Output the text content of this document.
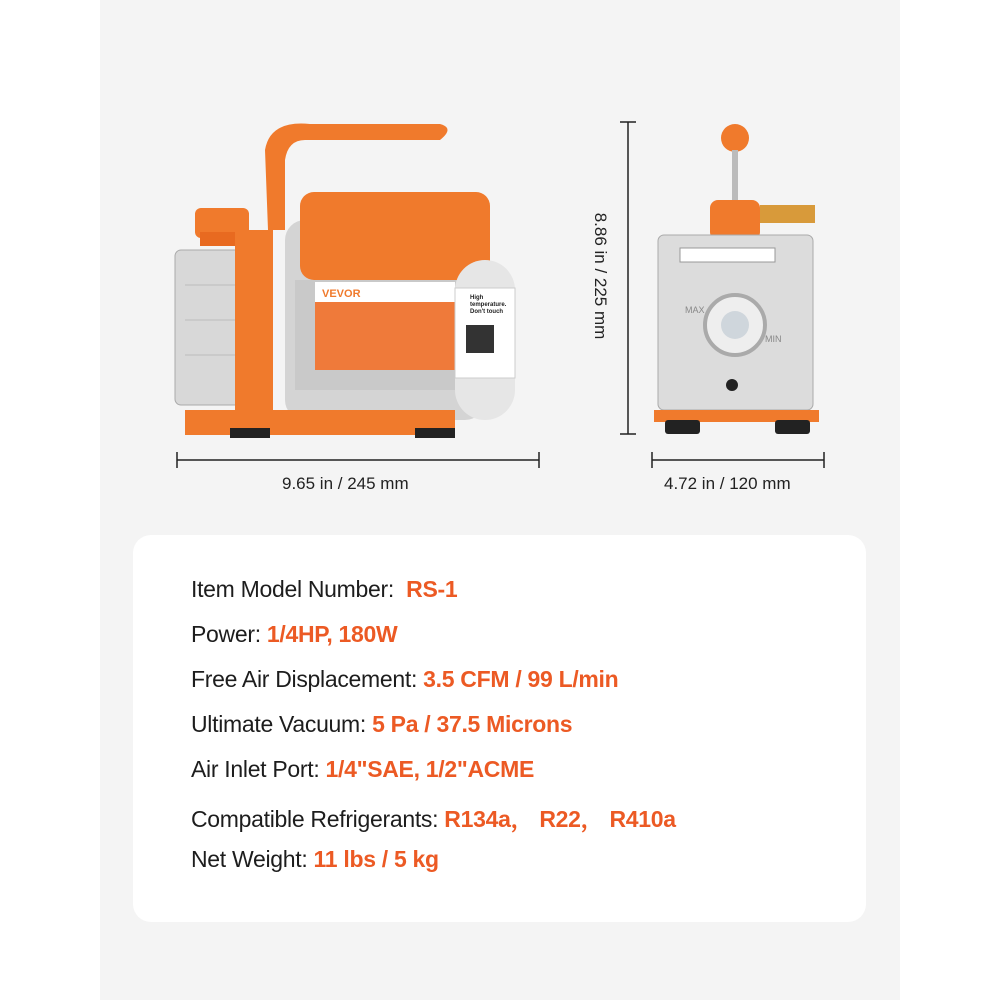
VEVOR	High temperature. Don't touch	MAX
MIN
9.65 in / 245 mm
8.86 in / 225 mm
4.72 in / 120 mm
Item Model Number: RS-1
Power: 1/4HP, 180W
Free Air Displacement: 3.5 CFM / 99 L/min
Ultimate Vacuum: 5 Pa / 37.5 Microns
Air Inlet Port: 1/4"SAE, 1/2"ACME
Compatible Refrigerants: R134a， R22， R410a
Net Weight: 11 lbs / 5 kg
